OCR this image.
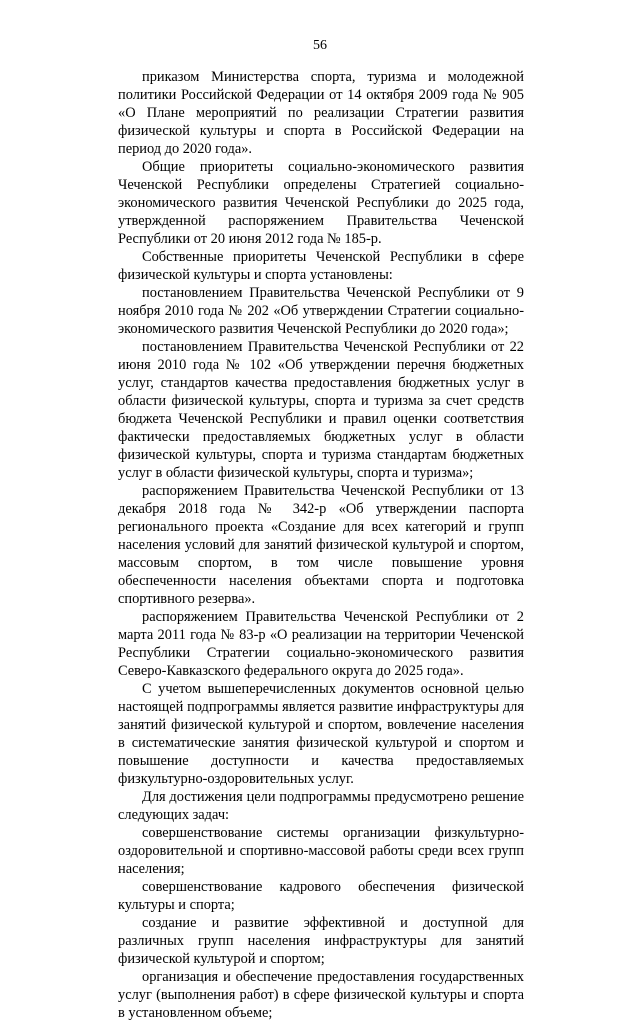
56

приказом Министерства спорта, туризма и молодежной политики Российской Федерации от 14 октября 2009 года № 905 «О Плане мероприятий по реализации Стратегии развития физической культуры и спорта в Российской Федерации на период до 2020 года».

Общие приоритеты социально-экономического развития Чеченской Республики определены Стратегией социально-экономического развития Чеченской Республики до 2025 года, утвержденной распоряжением Правительства Чеченской Республики от 20 июня 2012 года № 185-р.

Собственные приоритеты Чеченской Республики в сфере физической культуры и спорта установлены:

постановлением Правительства Чеченской Республики от 9 ноября 2010 года № 202 «Об утверждении Стратегии социально-экономического развития Чеченской Республики до 2020 года»;

постановлением Правительства Чеченской Республики от 22 июня 2010 года № 102 «Об утверждении перечня бюджетных услуг, стандартов качества предоставления бюджетных услуг в области физической культуры, спорта и туризма за счет средств бюджета Чеченской Республики и правил оценки соответствия фактически предоставляемых бюджетных услуг в области физической культуры, спорта и туризма стандартам бюджетных услуг в области физической культуры, спорта и туризма»;

распоряжением Правительства Чеченской Республики от 13 декабря 2018 года № 342-р «Об утверждении паспорта регионального проекта «Создание для всех категорий и групп населения условий для занятий физической культурой и спортом, массовым спортом, в том числе повышение уровня обеспеченности населения объектами спорта и подготовка спортивного резерва».

распоряжением Правительства Чеченской Республики от 2 марта 2011 года № 83-р «О реализации на территории Чеченской Республики Стратегии социально-экономического развития Северо-Кавказского федерального округа до 2025 года».

С учетом вышеперечисленных документов основной целью настоящей подпрограммы является развитие инфраструктуры для занятий физической культурой и спортом, вовлечение населения в систематические занятия физической культурой и спортом и повышение доступности и качества предоставляемых физкультурно-оздоровительных услуг.

Для достижения цели подпрограммы предусмотрено решение следующих задач:

совершенствование системы организации физкультурно-оздоровительной и спортивно-массовой работы среди всех групп населения;

совершенствование кадрового обеспечения физической культуры и спорта;

создание и развитие эффективной и доступной для различных групп населения инфраструктуры для занятий физической культурой и спортом;

организация и обеспечение предоставления государственных услуг (выполнения работ) в сфере физической культуры и спорта в установленном объеме;
